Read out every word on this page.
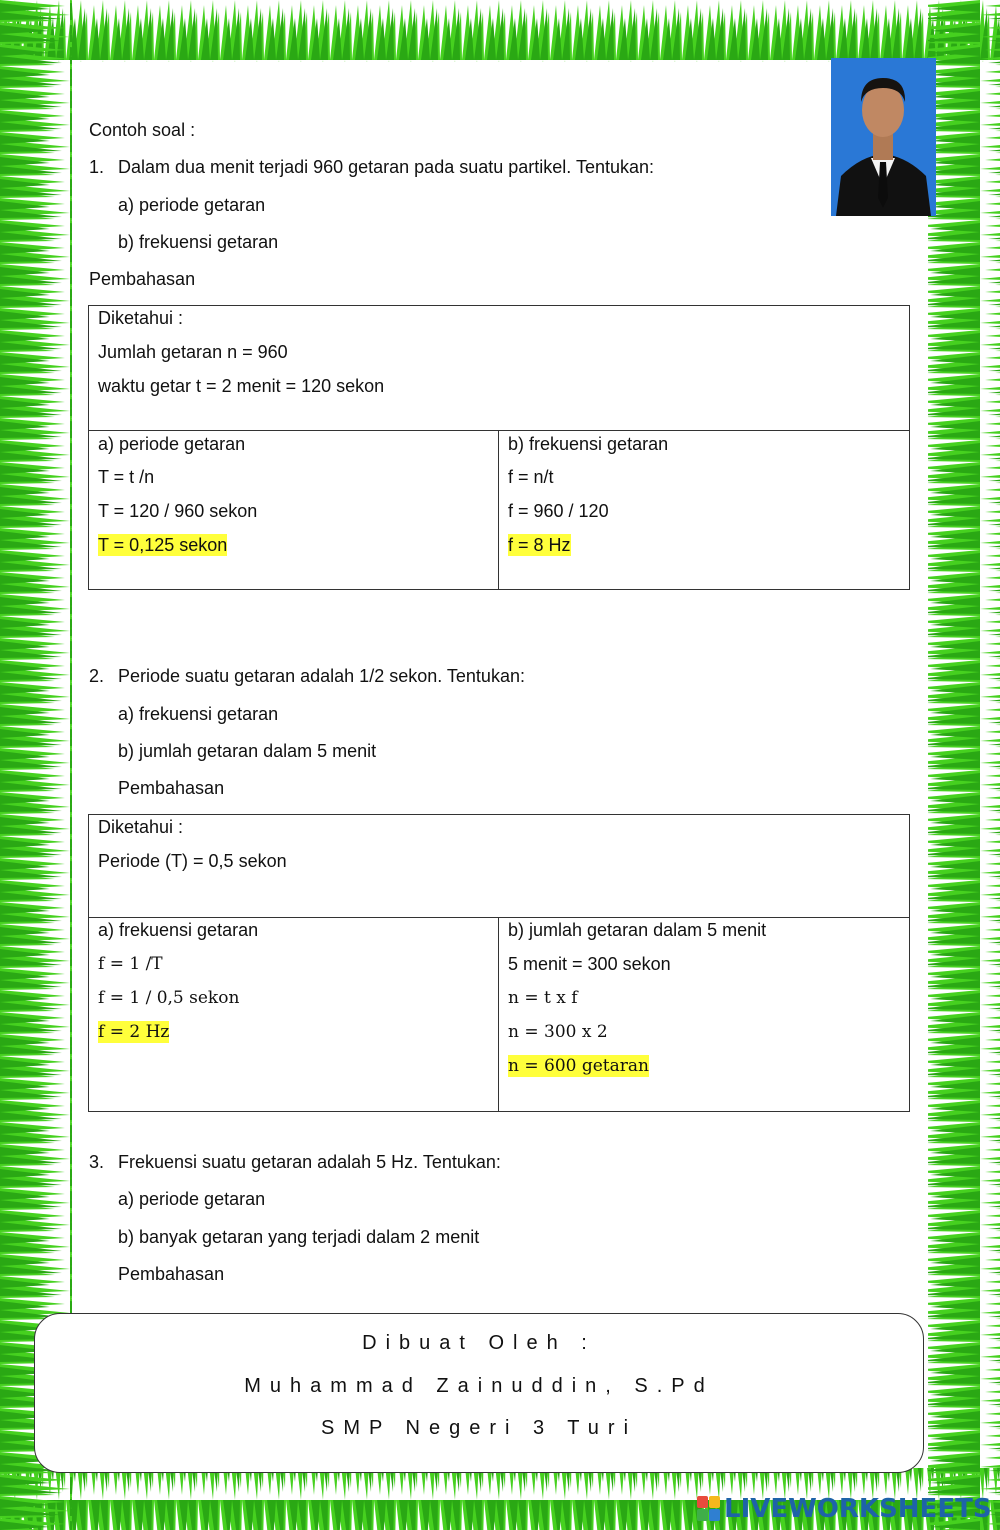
Contoh soal :
1. Dalam dua menit terjadi 960 getaran pada suatu partikel. Tentukan:
a) periode getaran
b) frekuensi getaran
Pembahasan
Diketahui :
Jumlah getaran n = 960
waktu getar t = 2 menit = 120 sekon
a) periode getaran
T = t /n
T = 120 / 960 sekon
T = 0,125 sekon
b) frekuensi getaran
f = n/t
f = 960 / 120
f = 8 Hz
2. Periode suatu getaran adalah 1/2 sekon. Tentukan:
a) frekuensi getaran
b) jumlah getaran dalam 5 menit
Pembahasan
Diketahui :
Periode (T) = 0,5 sekon
a) frekuensi getaran
f = 1 /T
f = 1 / 0,5 sekon
f = 2 Hz
b) jumlah getaran dalam 5 menit
5 menit = 300 sekon
n = t x f
n = 300 x 2
n = 600 getaran
3. Frekuensi suatu getaran adalah 5 Hz. Tentukan:
a) periode getaran
b) banyak getaran yang terjadi dalam 2 menit
Pembahasan
Dibuat Oleh :
Muhammad Zainuddin, S.Pd
SMP Negeri 3 Turi
LIVEWORKSHEETS
